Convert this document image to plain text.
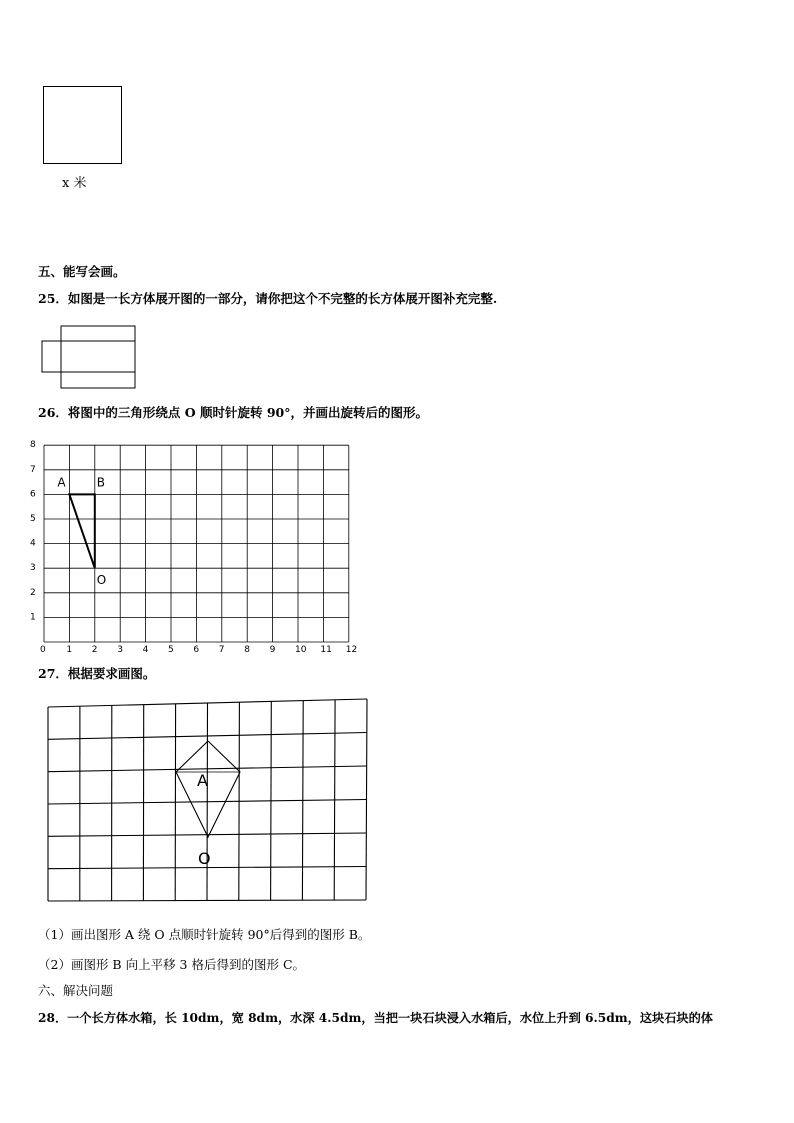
x 米
五、能写会画。
25．如图是一长方体展开图的一部分，请你把这个不完整的长方体展开图补充完整.
26．将图中的三角形绕点 O 顺时针旋转 90°，并画出旋转后的图形。
0 1 2 3 4 5 6 7 8 9 10 11 12
1
2
3
4
5
6
7
8
A	B
O
27．根据要求画图。
A
O
（1）画出图形 A 绕 O 点顺时针旋转 90°后得到的图形 B。
（2）画图形 B 向上平移 3 格后得到的图形 C。
六、解决问题
28．一个长方体水箱，长 10dm，宽 8dm，水深 4.5dm，当把一块石块浸入水箱后，水位上升到 6.5dm，这块石块的体
